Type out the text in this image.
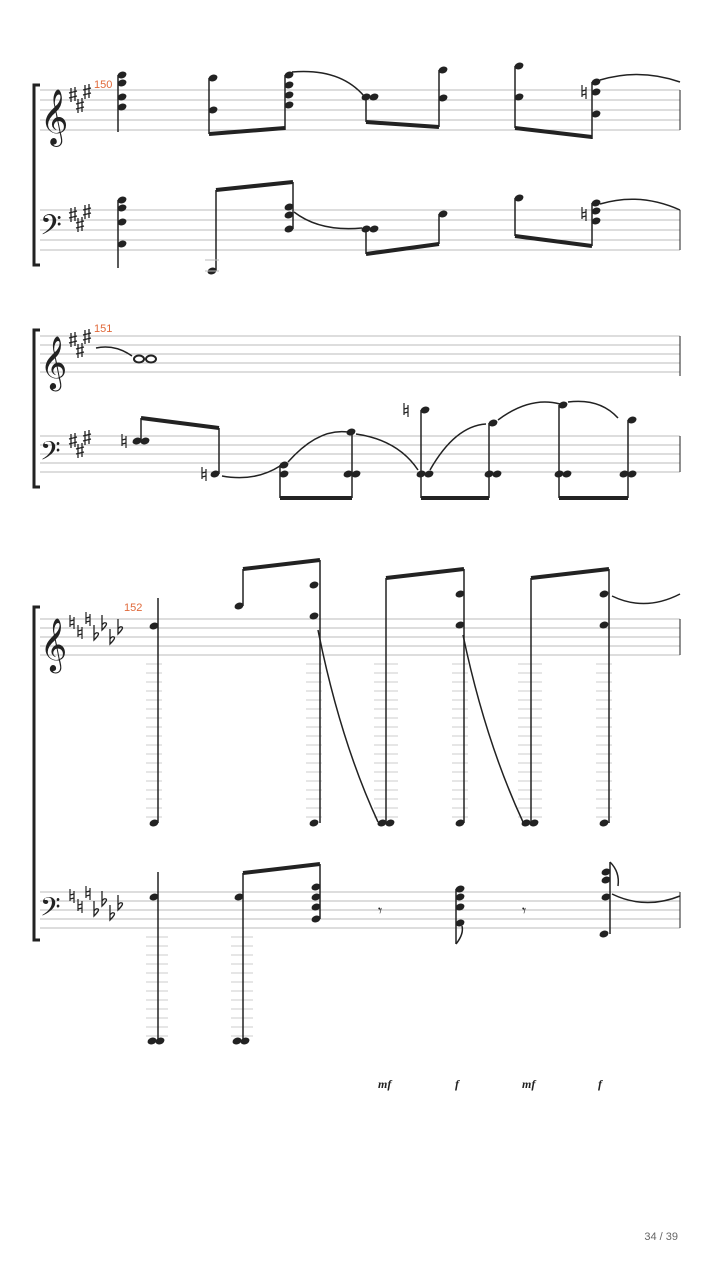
𝄞
150
𝄢
𝄞
151
𝄢
𝄞
152
𝄢	𝄾	𝄾
mf	f	mf	f
34 / 39
